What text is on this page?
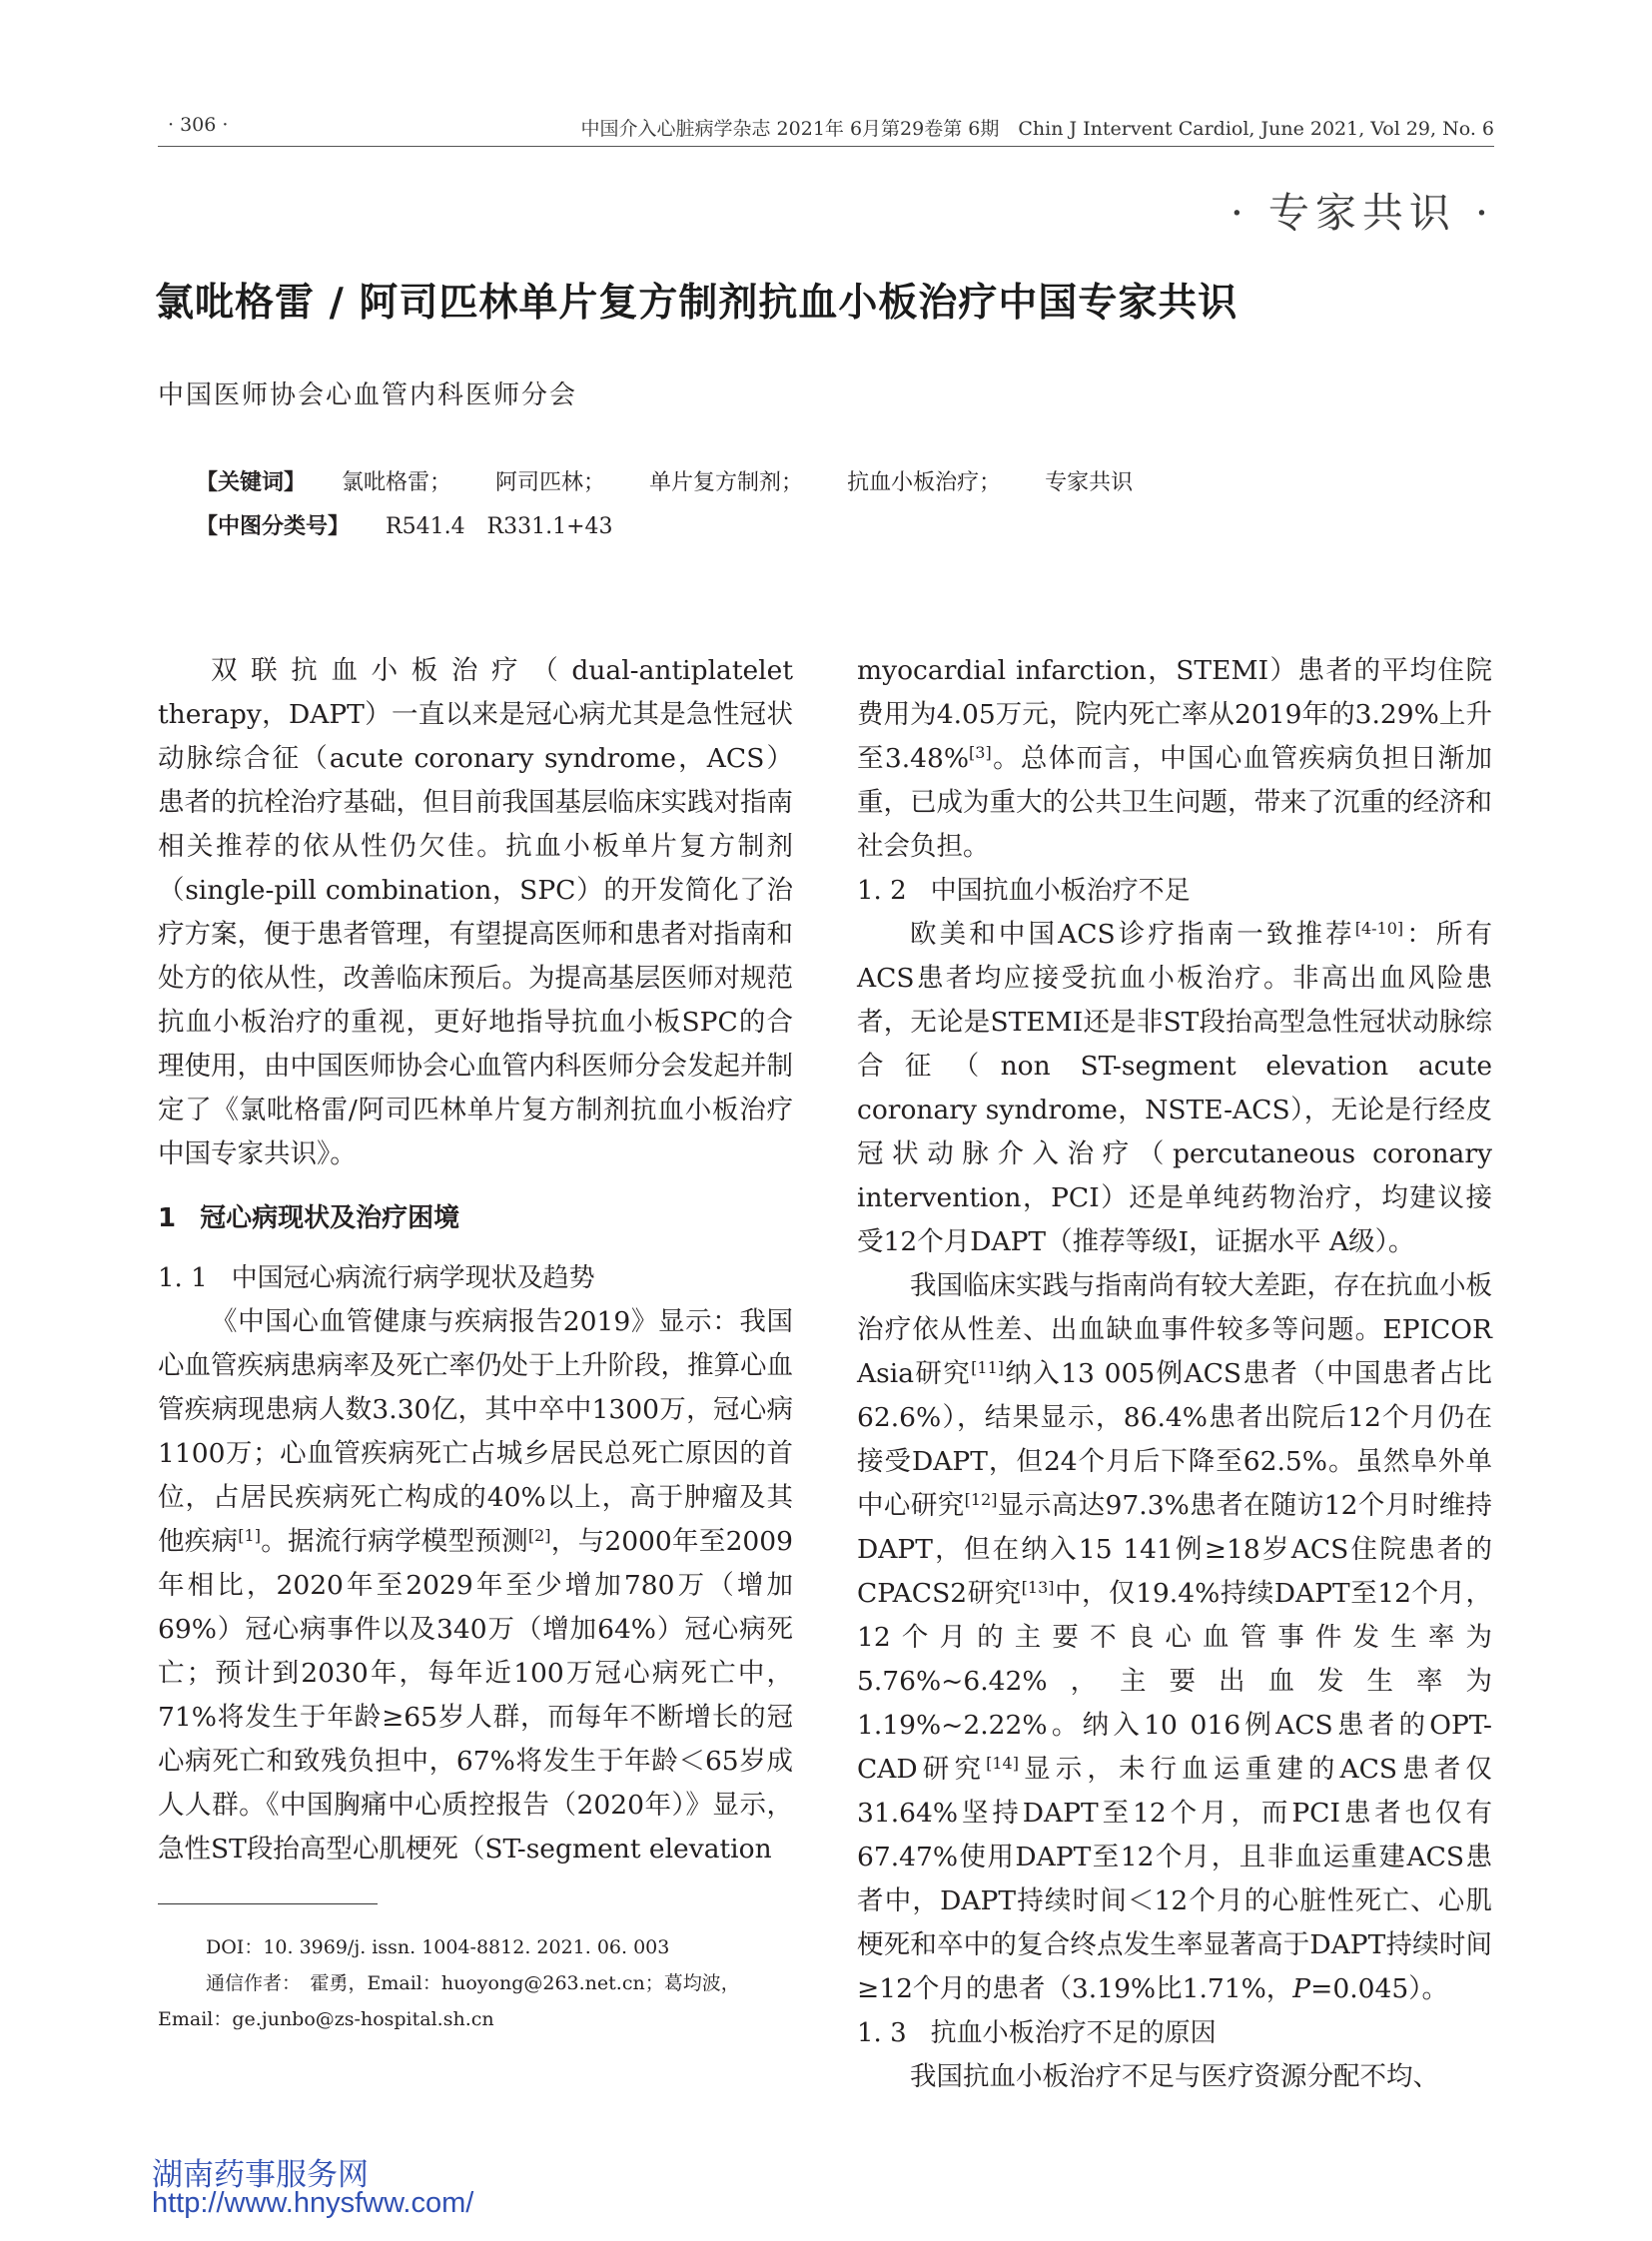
· 306 ·	中国介入心脏病学杂志 2021年 6月第29卷第 6期　Chin J Intervent Cardiol, June 2021, Vol 29, No. 6
· 专家共识 ·
氯吡格雷 / 阿司匹林单片复方制剂抗血小板治疗中国专家共识
中国医师协会心血管内科医师分会
【关键词】 氯吡格雷； 阿司匹林； 单片复方制剂； 抗血小板治疗； 专家共识
【中图分类号】 R541.4　R331.1+43

双联抗血小板治疗（dual-antiplatelet therapy，DAPT）一直以来是冠心病尤其是急性冠状动脉综合征（acute coronary syndrome，ACS）患者的抗栓治疗基础，但目前我国基层临床实践对指南相关推荐的依从性仍欠佳。抗血小板单片复方制剂（single-pill combination，SPC）的开发简化了治疗方案，便于患者管理，有望提高医师和患者对指南和处方的依从性，改善临床预后。为提高基层医师对规范抗血小板治疗的重视，更好地指导抗血小板SPC的合理使用，由中国医师协会心血管内科医师分会发起并制定了《氯吡格雷/阿司匹林单片复方制剂抗血小板治疗中国专家共识》。

1 冠心病现状及治疗困境
1. 1 中国冠心病流行病学现状及趋势

《中国心血管健康与疾病报告2019》显示：我国心血管疾病患病率及死亡率仍处于上升阶段，推算心血管疾病现患病人数3.30亿，其中卒中1300万，冠心病1100万；心血管疾病死亡占城乡居民总死亡原因的首位，占居民疾病死亡构成的40%以上，高于肿瘤及其他疾病[1]。据流行病学模型预测[2]，与2000年至2009年相比，2020年至2029年至少增加780万（增加69%）冠心病事件以及340万（增加64%）冠心病死亡；预计到2030年，每年近100万冠心病死亡中，71%将发生于年龄≥65岁人群，而每年不断增长的冠心病死亡和致残负担中，67%将发生于年龄＜65岁成人人群。《中国胸痛中心质控报告（2020年）》显示，急性ST段抬高型心肌梗死（ST-segment elevation

myocardial infarction，STEMI）患者的平均住院费用为4.05万元，院内死亡率从2019年的3.29%上升至3.48%[3]。总体而言，中国心血管疾病负担日渐加重，已成为重大的公共卫生问题，带来了沉重的经济和社会负担。

1. 2 中国抗血小板治疗不足

欧美和中国ACS诊疗指南一致推荐[4-10]：所有ACS患者均应接受抗血小板治疗。非高出血风险患者，无论是STEMI还是非ST段抬高型急性冠状动脉综合征（non ST-segment elevation acute coronary syndrome，NSTE-ACS），无论是行经皮冠状动脉介入治疗（percutaneous coronary intervention，PCI）还是单纯药物治疗，均建议接受12个月DAPT（推荐等级Ⅰ，证据水平 A级）。

我国临床实践与指南尚有较大差距，存在抗血小板治疗依从性差、出血缺血事件较多等问题。EPICOR Asia研究[11]纳入13 005例ACS患者（中国患者占比62.6%），结果显示，86.4%患者出院后12个月仍在接受DAPT，但24个月后下降至62.5%。虽然阜外单中心研究[12]显示高达97.3%患者在随访12个月时维持DAPT，但在纳入15 141例≥18岁ACS住院患者的CPACS2研究[13]中，仅19.4%持续DAPT至12个月，12个月的主要不良心血管事件发生率为5.76%~6.42%，主要出血发生率为1.19%~2.22%。纳入10 016例ACS患者的OPT-CAD研究[14]显示，未行血运重建的ACS患者仅31.64%坚持DAPT至12个月，而PCI患者也仅有67.47%使用DAPT至12个月，且非血运重建ACS患者中，DAPT持续时间＜12个月的心脏性死亡、心肌梗死和卒中的复合终点发生率显著高于DAPT持续时间≥12个月的患者（3.19%比1.71%，P=0.045）。

1. 3 抗血小板治疗不足的原因

我国抗血小板治疗不足与医疗资源分配不均、

DOI：10. 3969/j. issn. 1004-8812. 2021. 06. 003
通信作者：　霍勇，Email：huoyong@263.net.cn；葛均波，
Email：ge.junbo@zs-hospital.sh.cn
湖南药事服务网
http://www.hnysfww.com/
